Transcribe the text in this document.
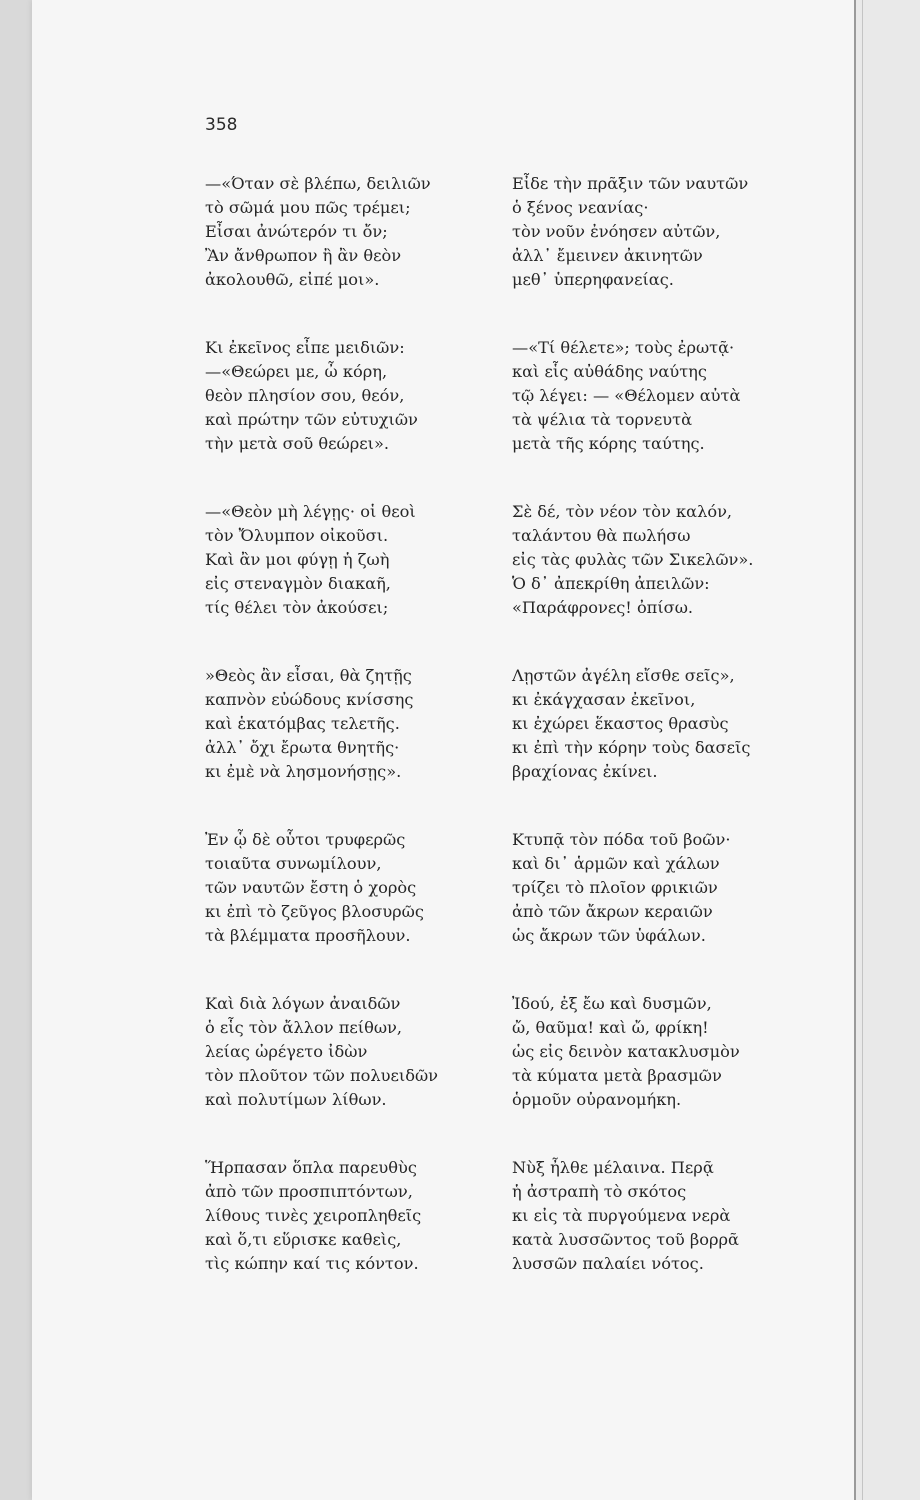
358
—«Όταν σὲ βλέπω, δειλιῶν
τὸ σῶμά μου πῶς τρέμει;
Εἶσαι ἀνώτερόν τι ὄν;
Ἂν ἄνθρωπον ἢ ἂν θεὸν
ἀκολουθῶ, εἰπέ μοι».
Κι ἐκεῖνος εἶπε μειδιῶν:
—«Θεώρει με, ὦ κόρη,
θεὸν πλησίον σου, θεόν,
καὶ πρώτην τῶν εὐτυχιῶν
τὴν μετὰ σοῦ θεώρει».
—«Θεὸν μὴ λέγῃς· οἱ θεοὶ
τὸν Ὄλυμπον οἰκοῦσι.
Καὶ ἂν μοι φύγῃ ἡ ζωὴ
εἰς στεναγμὸν διακαῆ,
τίς θέλει τὸν ἀκούσει;
»Θεὸς ἂν εἶσαι, θὰ ζητῇς
καπνὸν εὐώδους κνίσσης
καὶ ἑκατόμβας τελετῆς.
ἀλλ᾽ ὄχι ἔρωτα θνητῆς·
κι ἐμὲ νὰ λησμονήσῃς».
Ἐν ᾧ δὲ οὗτοι τρυφερῶς
τοιαῦτα συνωμίλουν,
τῶν ναυτῶν ἔστη ὁ χορὸς
κι ἐπὶ τὸ ζεῦγος βλοσυρῶς
τὰ βλέμματα προσῆλουν.
Καὶ διὰ λόγων ἀναιδῶν
ὁ εἷς τὸν ἄλλον πείθων,
λείας ὠρέγετο ἰδὼν
τὸν πλοῦτον τῶν πολυειδῶν
καὶ πολυτίμων λίθων.
Ἥρπασαν ὅπλα παρευθὺς
ἀπὸ τῶν προσπιπτόντων,
λίθους τινὲς χειροπληθεῖς
καὶ ὅ,τι εὕρισκε καθεὶς,
τὶς κώπην καί τις κόντον.
Εἶδε τὴν πρᾶξιν τῶν ναυτῶν
ὁ ξένος νεανίας·
τὸν νοῦν ἐνόησεν αὐτῶν,
ἀλλ᾽ ἔμεινεν ἀκινητῶν
μεθ᾽ ὑπερηφανείας.
—«Τί θέλετε»; τοὺς ἐρωτᾷ·
καὶ εἷς αὐθάδης ναύτης
τῷ λέγει: — «Θέλομεν αὐτὰ
τὰ ψέλια τὰ τορνευτὰ
μετὰ τῆς κόρης ταύτης.
Σὲ δέ, τὸν νέον τὸν καλόν,
ταλάντου θὰ πωλήσω
εἰς τὰς φυλὰς τῶν Σικελῶν».
Ὁ δ᾽ ἀπεκρίθη ἀπειλῶν:
«Παράφρονες! ὀπίσω.
Λῃστῶν ἀγέλη εἴσθε σεῖς»,
κι ἐκάγχασαν ἐκεῖνοι,
κι ἐχώρει ἕκαστος θρασὺς
κι ἐπὶ τὴν κόρην τοὺς δασεῖς
βραχίονας ἐκίνει.
Κτυπᾷ τὸν πόδα τοῦ βοῶν·
καὶ δι᾽ ἁρμῶν καὶ χάλων
τρίζει τὸ πλοῖον φρικιῶν
ἀπὸ τῶν ἄκρων κεραιῶν
ὡς ἄκρων τῶν ὑφάλων.
Ἰδού, ἐξ ἔω καὶ δυσμῶν,
ὤ, θαῦμα! καὶ ὤ, φρίκη!
ὡς εἰς δεινὸν κατακλυσμὸν
τὰ κύματα μετὰ βρασμῶν
ὁρμοῦν οὐρανομήκη.
Νὺξ ἦλθε μέλαινα. Περᾷ
ἡ ἀστραπὴ τὸ σκότος
κι εἰς τὰ πυργούμενα νερὰ
κατὰ λυσσῶντος τοῦ βορρᾶ
λυσσῶν παλαίει νότος.
